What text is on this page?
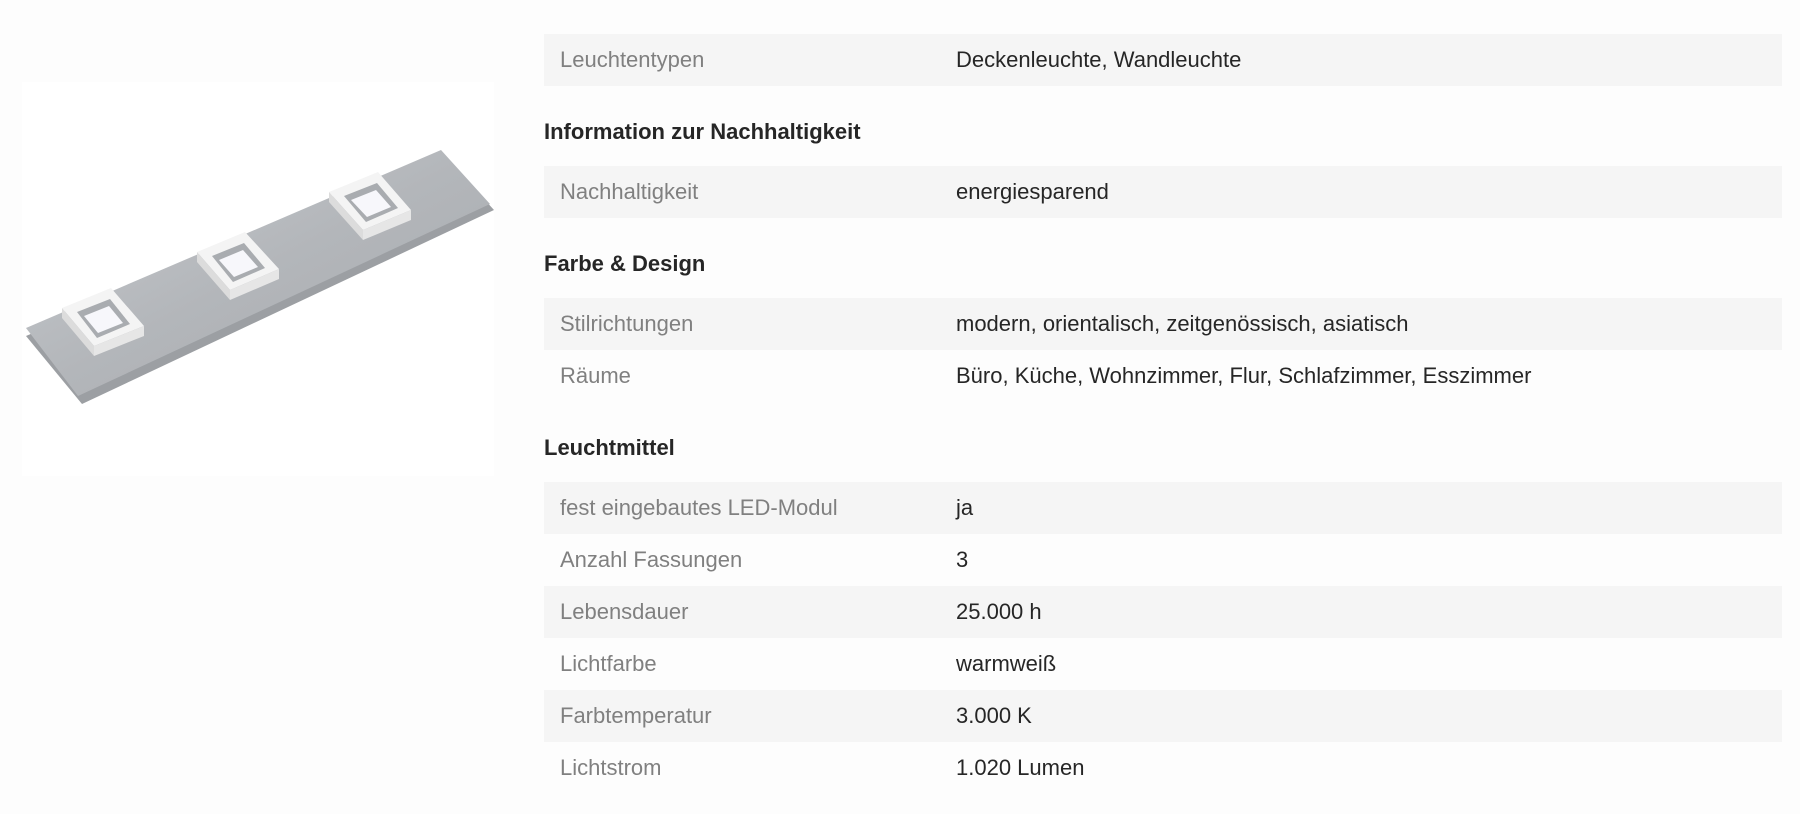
Leuchtentypen	Deckenleuchte, Wandleuchte
Information zur Nachhaltigkeit
Nachhaltigkeit	energiesparend
Farbe & Design
Stilrichtungen	modern, orientalisch, zeitgenössisch, asiatisch
Räume	Büro, Küche, Wohnzimmer, Flur, Schlafzimmer, Esszimmer
Leuchtmittel
fest eingebautes LED-Modul	ja
Anzahl Fassungen	3
Lebensdauer	25.000 h
Lichtfarbe	warmweiß
Farbtemperatur	3.000 K
Lichtstrom	1.020 Lumen
